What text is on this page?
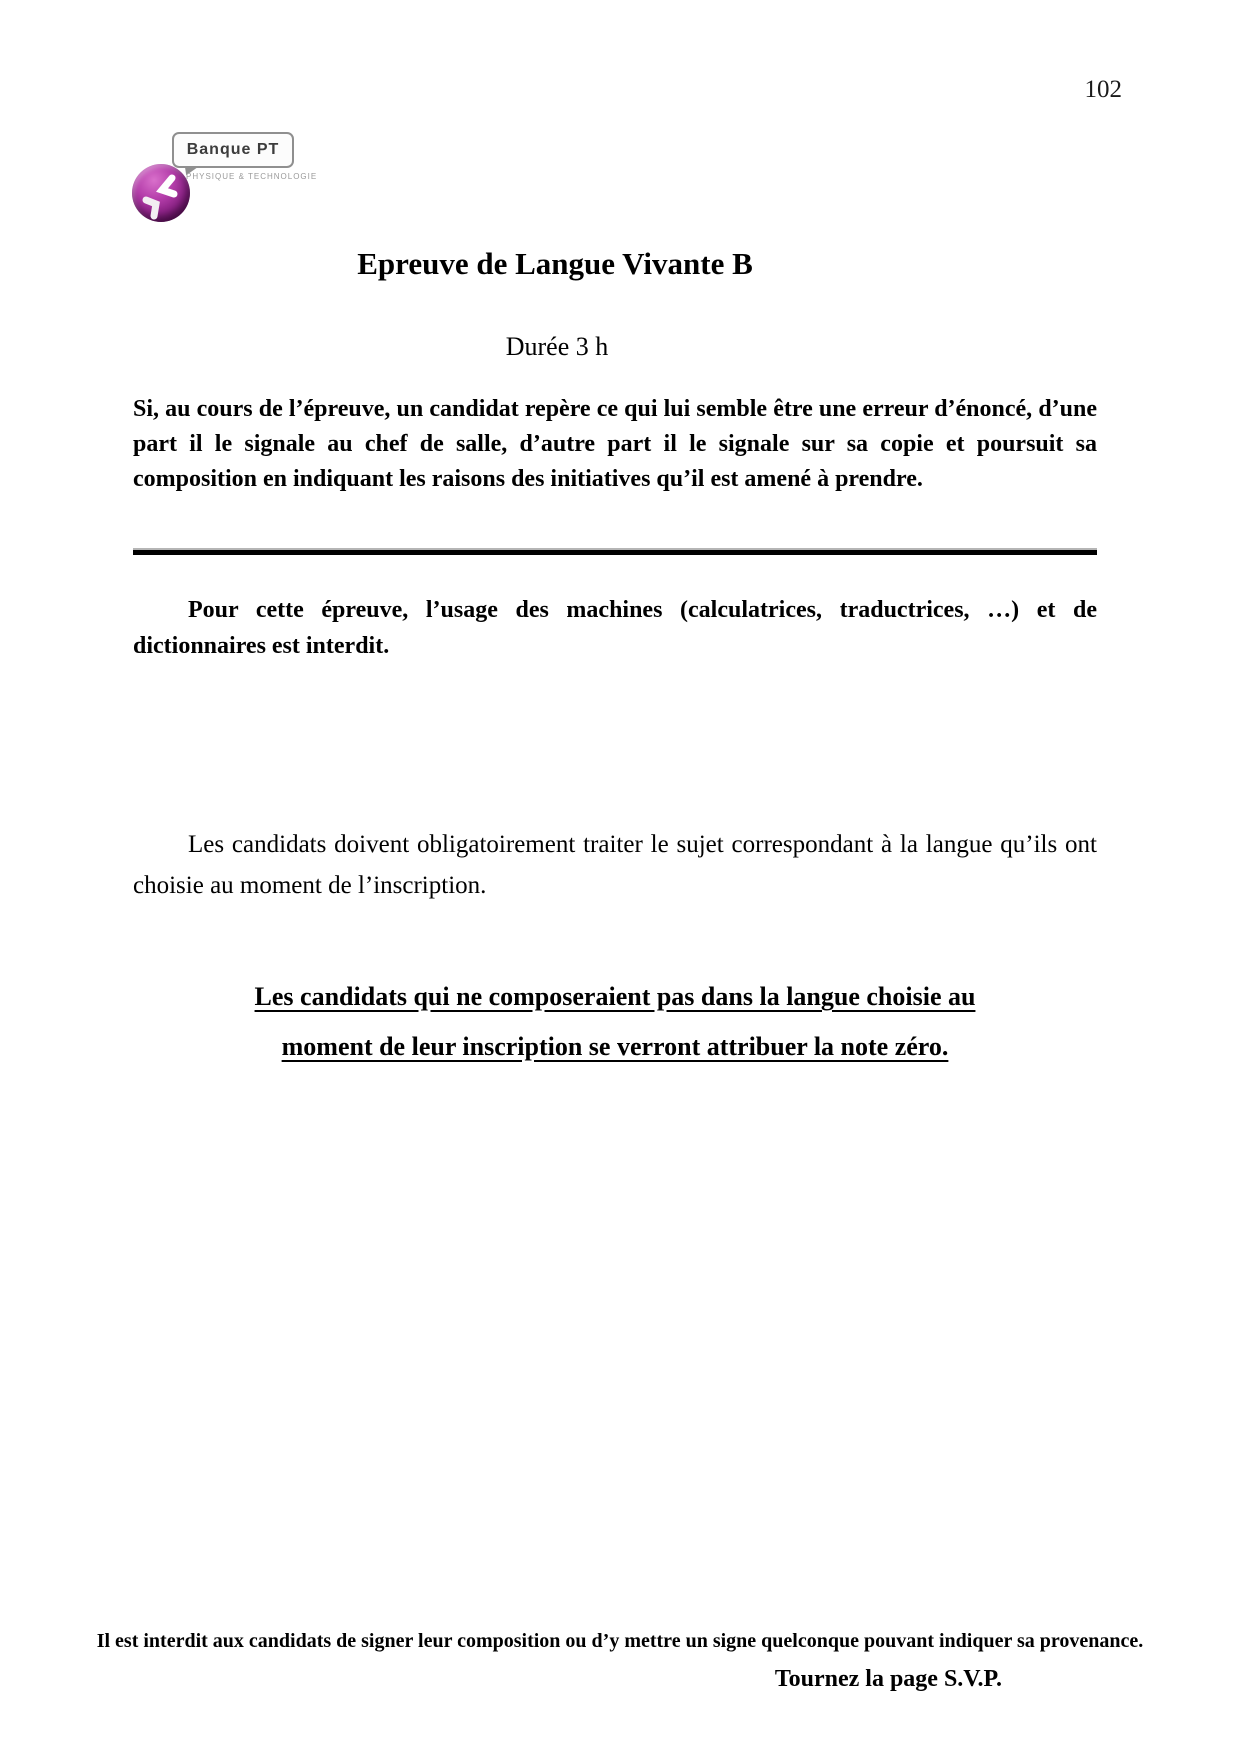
102
Banque PT
PHYSIQUE & TECHNOLOGIE
Epreuve de Langue Vivante B
Durée 3 h
Si, au cours de l’épreuve, un candidat repère ce qui lui semble être une erreur d’énoncé, d’une part il le signale au chef de salle, d’autre part il le signale sur sa copie et poursuit sa composition en indiquant les raisons des initiatives qu’il est amené à prendre.
Pour cette épreuve, l’usage des machines (calculatrices, traductrices, …) et de dictionnaires est interdit.
Les candidats doivent obligatoirement traiter le sujet correspondant à la langue qu’ils ont choisie au moment de l’inscription.
Les candidats qui ne composeraient pas dans la langue choisie au
moment de leur inscription se verront attribuer la note zéro.
Il est interdit aux candidats de signer leur composition ou d’y mettre un signe quelconque pouvant indiquer sa provenance.
Tournez la page S.V.P.
